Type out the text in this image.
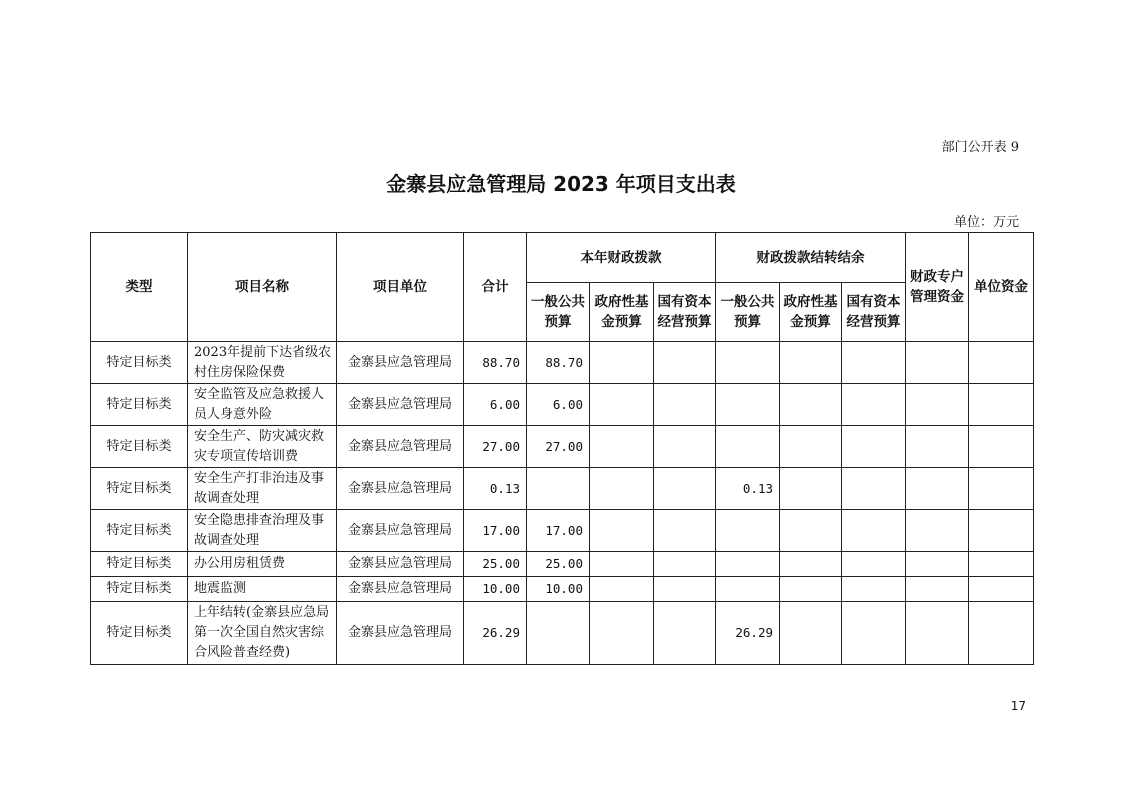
部门公开表 9
金寨县应急管理局 2023 年项目支出表
单位：万元
类型	项目名称	项目单位	合计	本年财政拨款			财政拨款结转结余			财政专户管理资金	单位资金
				一般公共预算	政府性基金预算	国有资本经营预算	一般公共预算	政府性基金预算	国有资本经营预算		
特定目标类	2023年提前下达省级农村住房保险保费	金寨县应急管理局	88.70	88.70							
特定目标类	安全监管及应急救援人员人身意外险	金寨县应急管理局	6.00	6.00							
特定目标类	安全生产、防灾减灾救灾专项宣传培训费	金寨县应急管理局	27.00	27.00							
特定目标类	安全生产打非治违及事故调查处理	金寨县应急管理局	0.13				0.13				
特定目标类	安全隐患排查治理及事故调查处理	金寨县应急管理局	17.00	17.00							
特定目标类	办公用房租赁费	金寨县应急管理局	25.00	25.00							
特定目标类	地震监测	金寨县应急管理局	10.00	10.00							
特定目标类	上年结转(金寨县应急局第一次全国自然灾害综合风险普查经费)	金寨县应急管理局	26.29				26.29				
17
